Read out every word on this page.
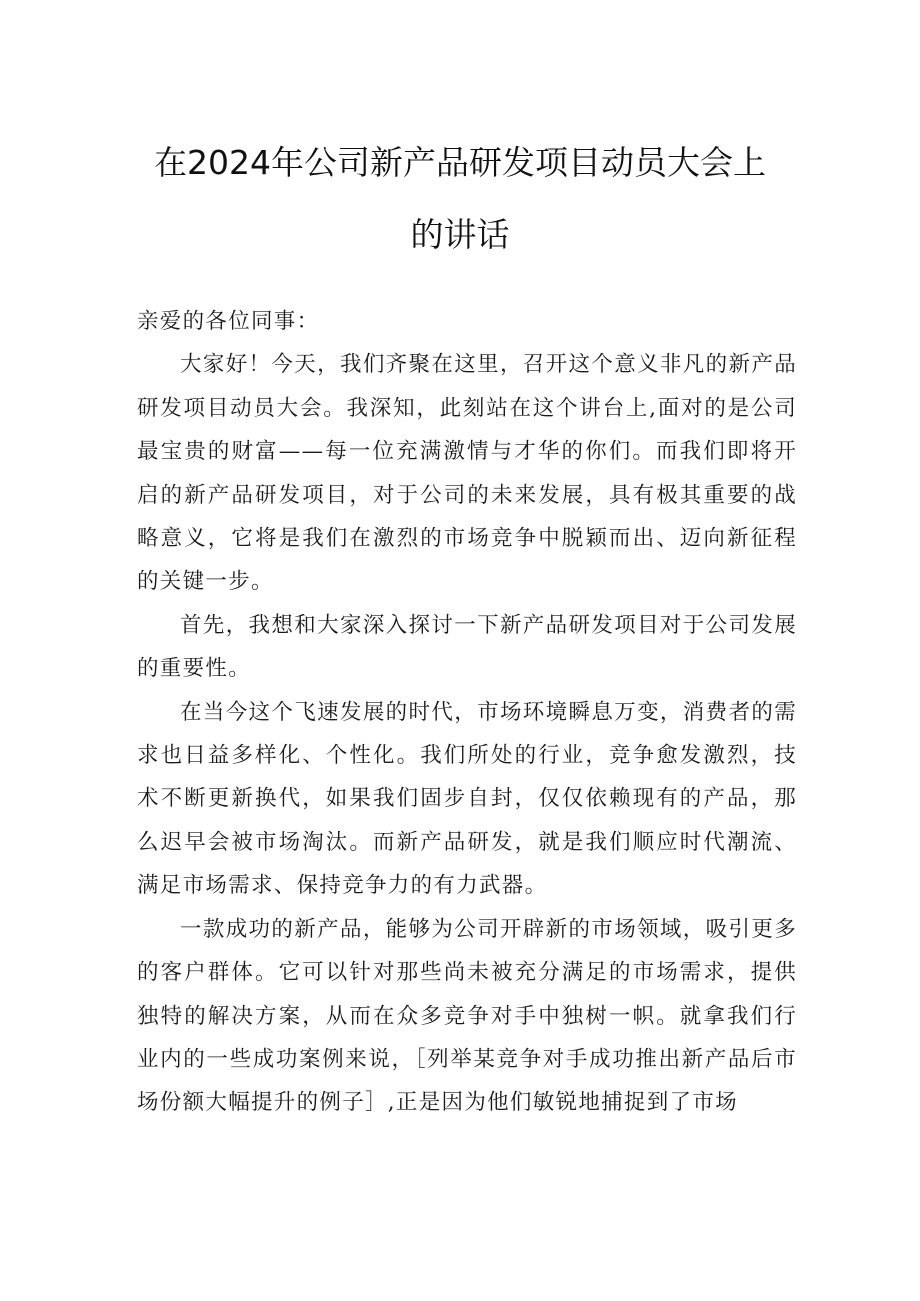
在2024年公司新产品研发项目动员大会上
的讲话

亲爱的各位同事：

大家好！今天，我们齐聚在这里，召开这个意义非凡的新产品研发项目动员大会。我深知，此刻站在这个讲台上,面对的是公司最宝贵的财富——每一位充满激情与才华的你们。而我们即将开启的新产品研发项目，对于公司的未来发展，具有极其重要的战略意义，它将是我们在激烈的市场竞争中脱颖而出、迈向新征程的关键一步。

首先，我想和大家深入探讨一下新产品研发项目对于公司发展的重要性。

在当今这个飞速发展的时代，市场环境瞬息万变，消费者的需求也日益多样化、个性化。我们所处的行业，竞争愈发激烈，技术不断更新换代，如果我们固步自封，仅仅依赖现有的产品，那么迟早会被市场淘汰。而新产品研发，就是我们顺应时代潮流、满足市场需求、保持竞争力的有力武器。

一款成功的新产品，能够为公司开辟新的市场领域，吸引更多的客户群体。它可以针对那些尚未被充分满足的市场需求，提供独特的解决方案，从而在众多竞争对手中独树一帜。就拿我们行业内的一些成功案例来说，［列举某竞争对手成功推出新产品后市场份额大幅提升的例子］,正是因为他们敏锐地捕捉到了市场
